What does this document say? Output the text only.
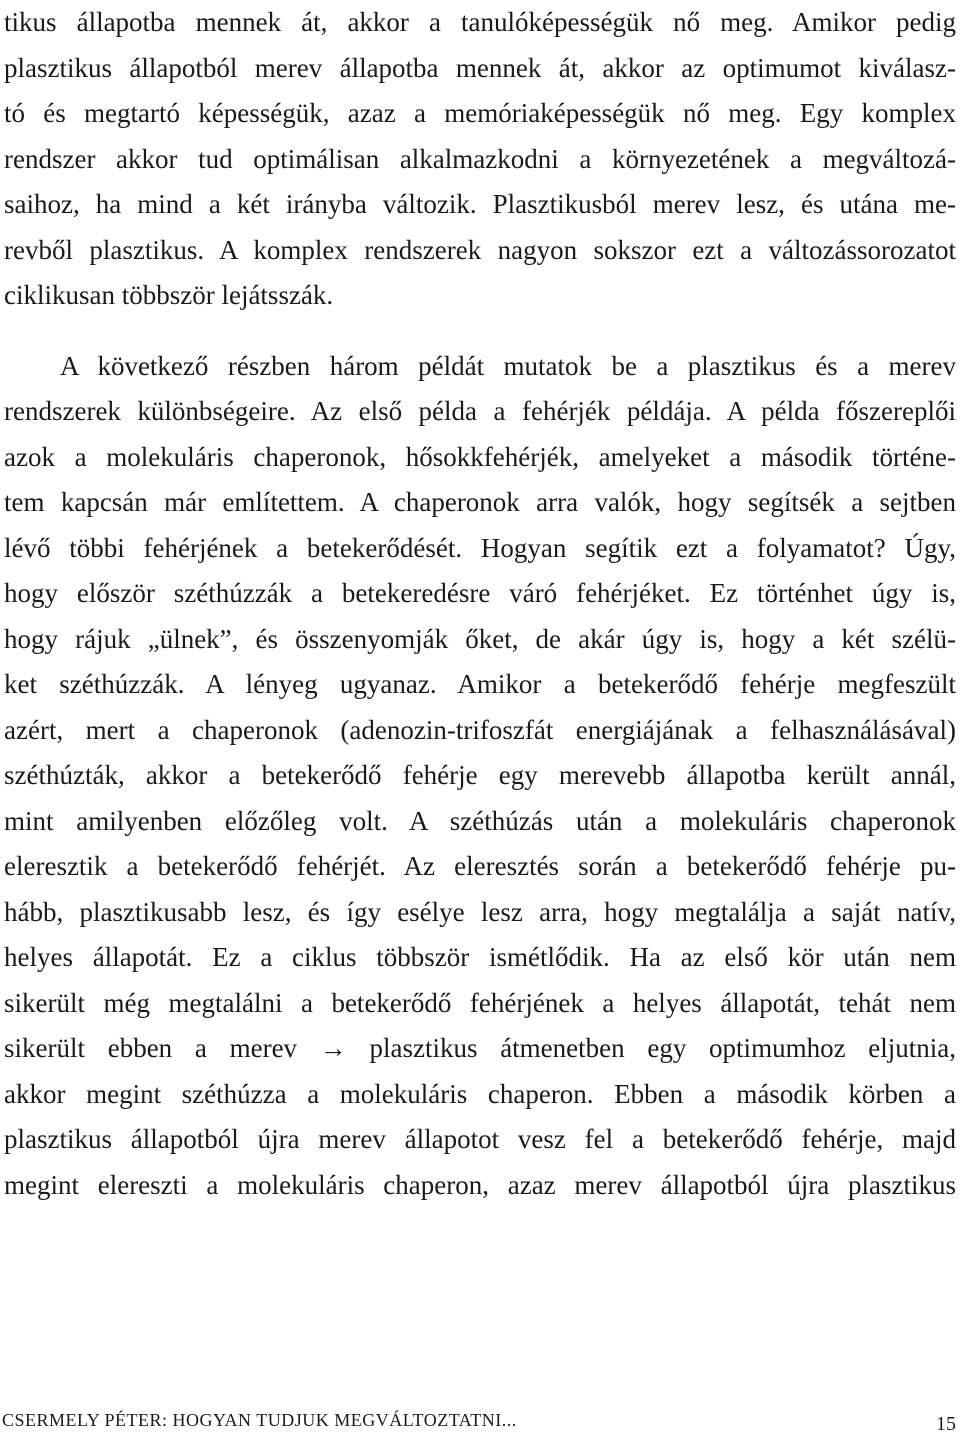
tikus állapotba mennek át, akkor a tanulóképességük nő meg. Amikor pedig
plasztikus állapotból merev állapotba mennek át, akkor az optimumot kiválasz-
tó és megtartó képességük, azaz a memóriaképességük nő meg. Egy komplex
rendszer akkor tud optimálisan alkalmazkodni a környezetének a megváltozá-
saihoz, ha mind a két irányba változik. Plasztikusból merev lesz, és utána me-
revből plasztikus. A komplex rendszerek nagyon sokszor ezt a változássorozatot
ciklikusan többször lejátsszák.
A következő részben három példát mutatok be a plasztikus és a merev
rendszerek különbségeire. Az első példa a fehérjék példája. A példa főszereplői
azok a molekuláris chaperonok, hősokkfehérjék, amelyeket a második történe-
tem kapcsán már említettem. A chaperonok arra valók, hogy segítsék a sejtben
lévő többi fehérjének a betekerődését. Hogyan segítik ezt a folyamatot? Úgy,
hogy először széthúzzák a betekeredésre váró fehérjéket. Ez történhet úgy is,
hogy rájuk „ülnek”, és összenyomják őket, de akár úgy is, hogy a két szélü-
ket széthúzzák. A lényeg ugyanaz. Amikor a betekerődő fehérje megfeszült
azért, mert a chaperonok (adenozin-trifoszfát energiájának a felhasználásával)
széthúzták, akkor a betekerődő fehérje egy merevebb állapotba került annál,
mint amilyenben előzőleg volt. A széthúzás után a molekuláris chaperonok
eleresztik a betekerődő fehérjét. Az eleresztés során a betekerődő fehérje pu-
hább, plasztikusabb lesz, és így esélye lesz arra, hogy megtalálja a saját natív,
helyes állapotát. Ez a ciklus többször ismétlődik. Ha az első kör után nem
sikerült még megtalálni a betekerődő fehérjének a helyes állapotát, tehát nem
sikerült ebben a merev → plasztikus átmenetben egy optimumhoz eljutnia,
akkor megint széthúzza a molekuláris chaperon. Ebben a második körben a
plasztikus állapotból újra merev állapotot vesz fel a betekerődő fehérje, majd
megint elereszti a molekuláris chaperon, azaz merev állapotból újra plasztikus
CSERMELY PÉTER: HOGYAN TUDJUK MEGVÁLTOZTATNI...	15
